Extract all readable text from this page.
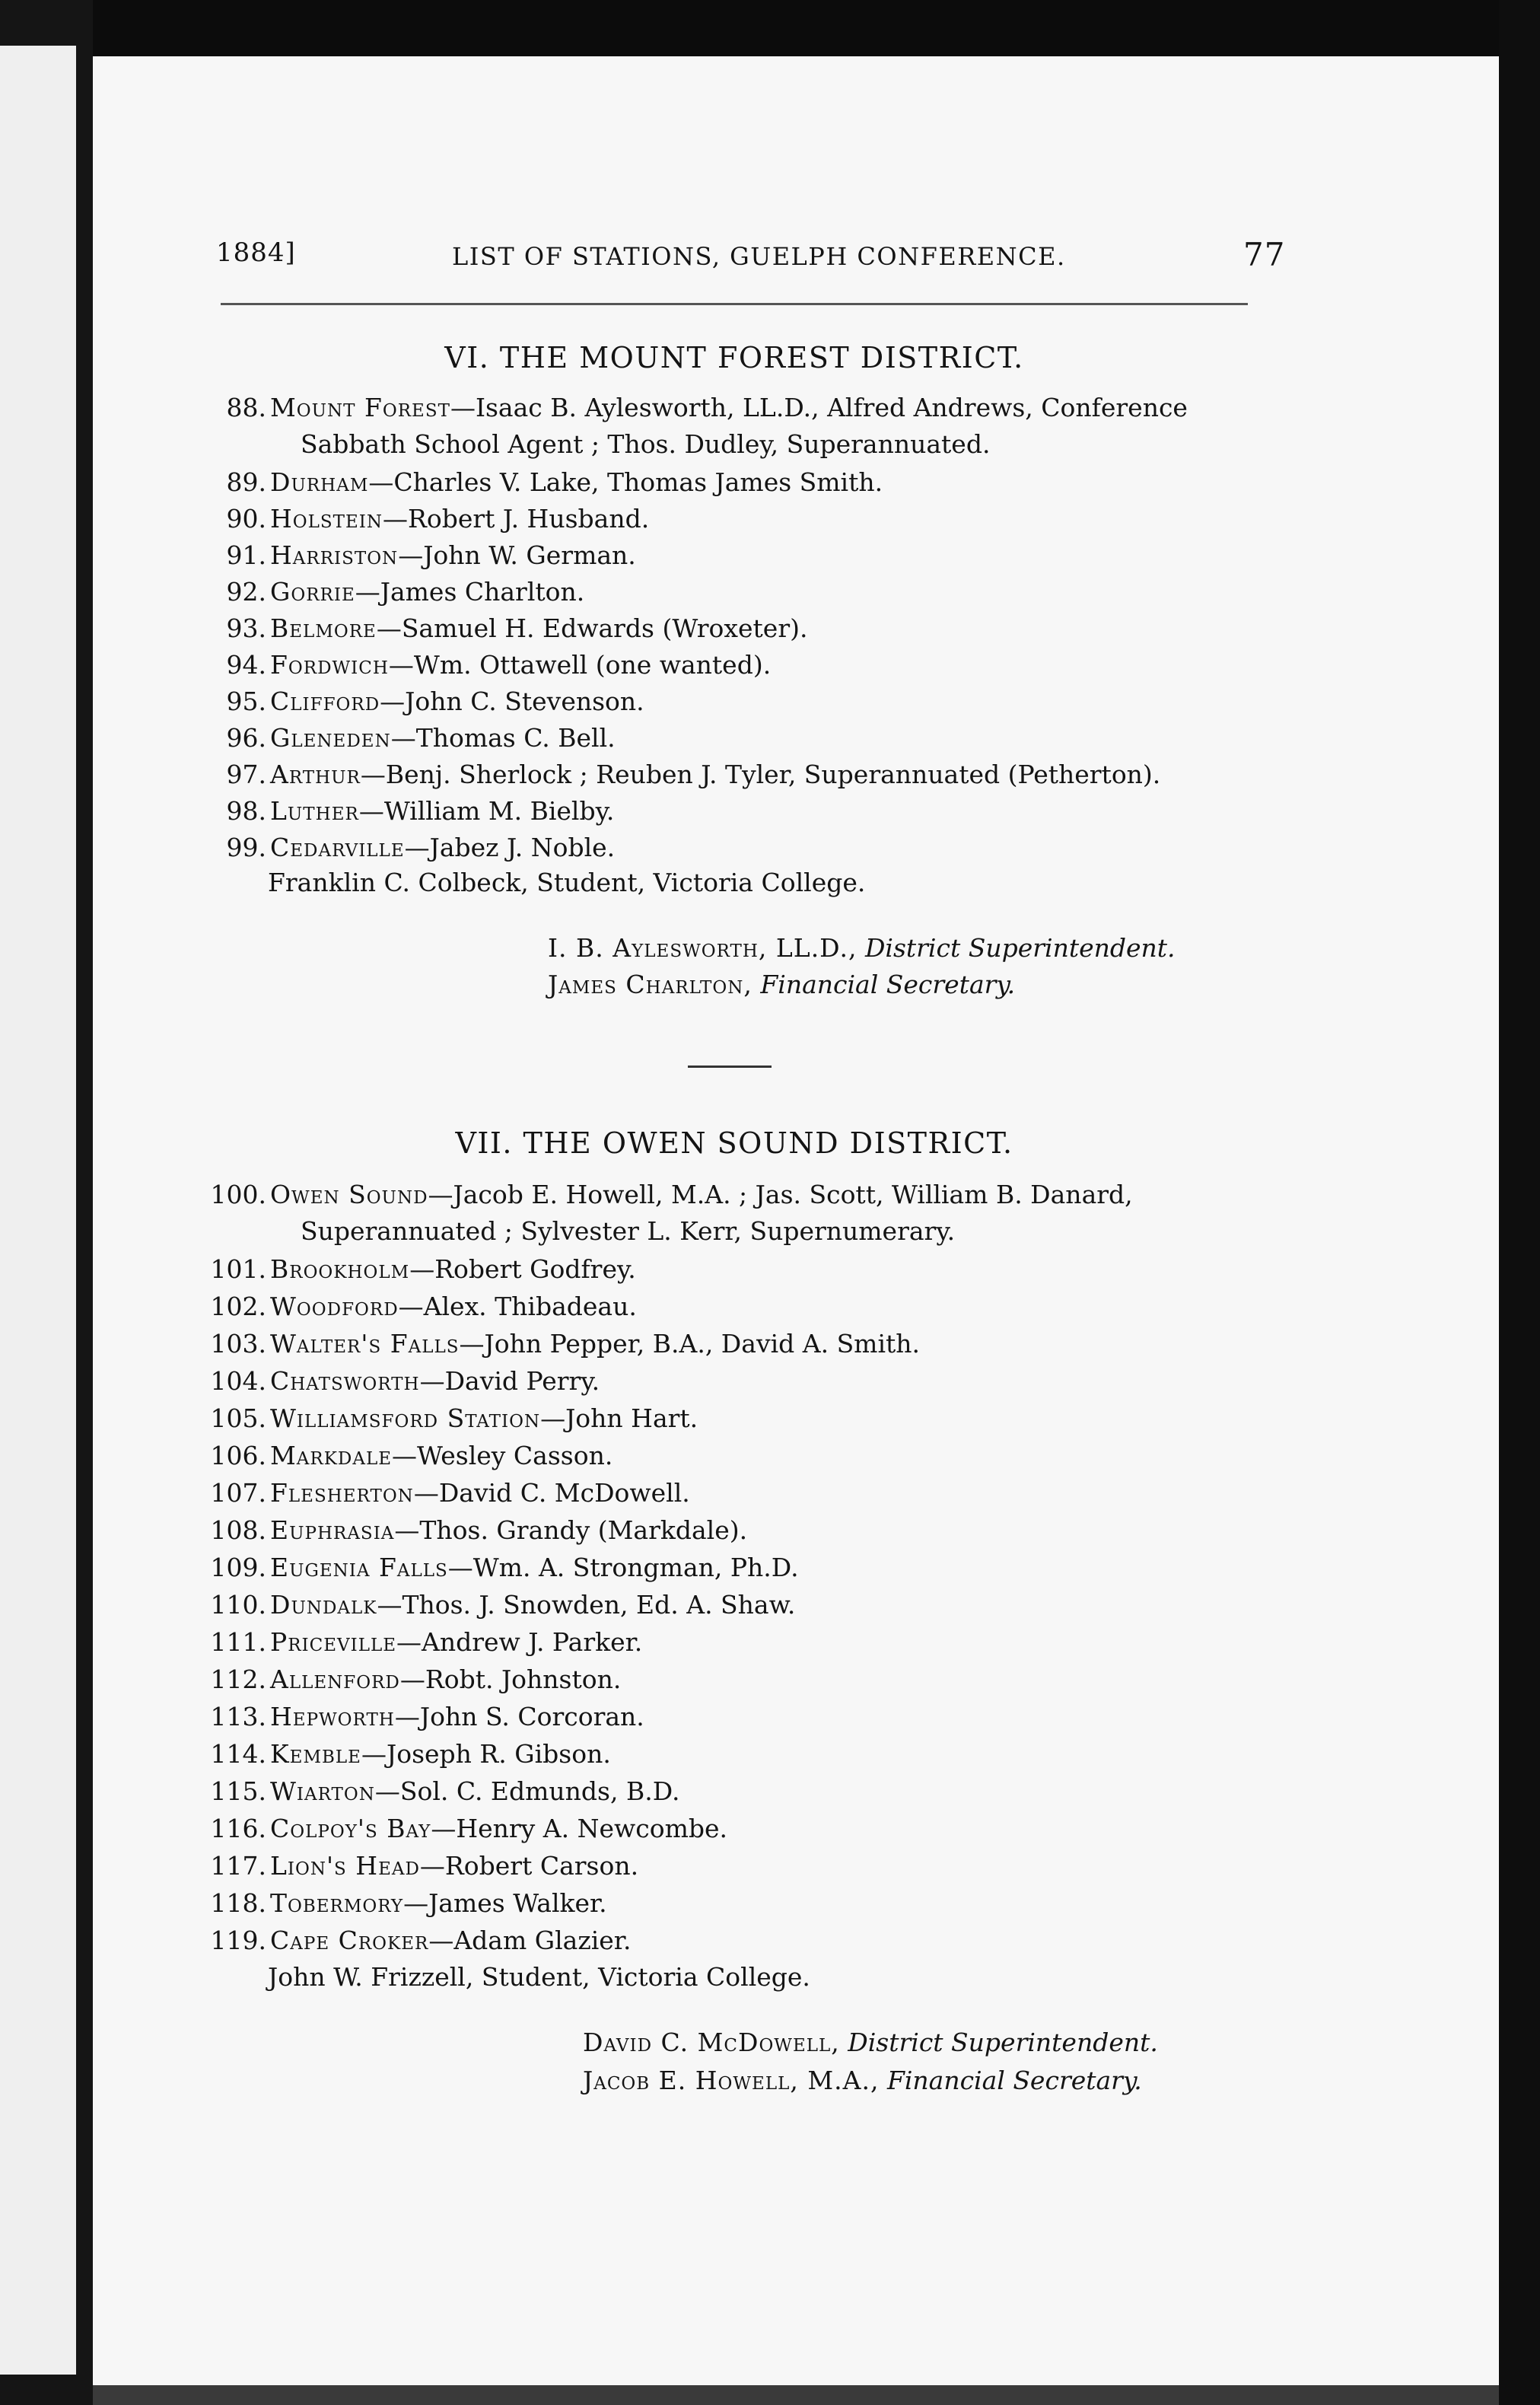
1884]	LIST OF STATIONS, GUELPH CONFERENCE.	77
VI. THE MOUNT FOREST DISTRICT.
88. Mount Forest—Isaac B. Aylesworth, LL.D., Alfred Andrews, Conference
Sabbath School Agent ; Thos. Dudley, Superannuated.
89. Durham—Charles V. Lake, Thomas James Smith.
90. Holstein—Robert J. Husband.
91. Harriston—John W. German.
92. Gorrie—James Charlton.
93. Belmore—Samuel H. Edwards (Wroxeter).
94. Fordwich—Wm. Ottawell (one wanted).
95. Clifford—John C. Stevenson.
96. Gleneden—Thomas C. Bell.
97. Arthur—Benj. Sherlock ; Reuben J. Tyler, Superannuated (Petherton).
98. Luther—William M. Bielby.
99. Cedarville—Jabez J. Noble.
Franklin C. Colbeck, Student, Victoria College.
I. B. Aylesworth, LL.D., District Superintendent.
James Charlton, Financial Secretary.
VII. THE OWEN SOUND DISTRICT.
100. Owen Sound—Jacob E. Howell, M.A. ; Jas. Scott, William B. Danard,
Superannuated ; Sylvester L. Kerr, Supernumerary.
101. Brookholm—Robert Godfrey.
102. Woodford—Alex. Thibadeau.
103. Walter's Falls—John Pepper, B.A., David A. Smith.
104. Chatsworth—David Perry.
105. Williamsford Station—John Hart.
106. Markdale—Wesley Casson.
107. Flesherton—David C. McDowell.
108. Euphrasia—Thos. Grandy (Markdale).
109. Eugenia Falls—Wm. A. Strongman, Ph.D.
110. Dundalk—Thos. J. Snowden, Ed. A. Shaw.
111. Priceville—Andrew J. Parker.
112. Allenford—Robt. Johnston.
113. Hepworth—John S. Corcoran.
114. Kemble—Joseph R. Gibson.
115. Wiarton—Sol. C. Edmunds, B.D.
116. Colpoy's Bay—Henry A. Newcombe.
117. Lion's Head—Robert Carson.
118. Tobermory—James Walker.
119. Cape Croker—Adam Glazier.
John W. Frizzell, Student, Victoria College.
David C. McDowell, District Superintendent.
Jacob E. Howell, M.A., Financial Secretary.
